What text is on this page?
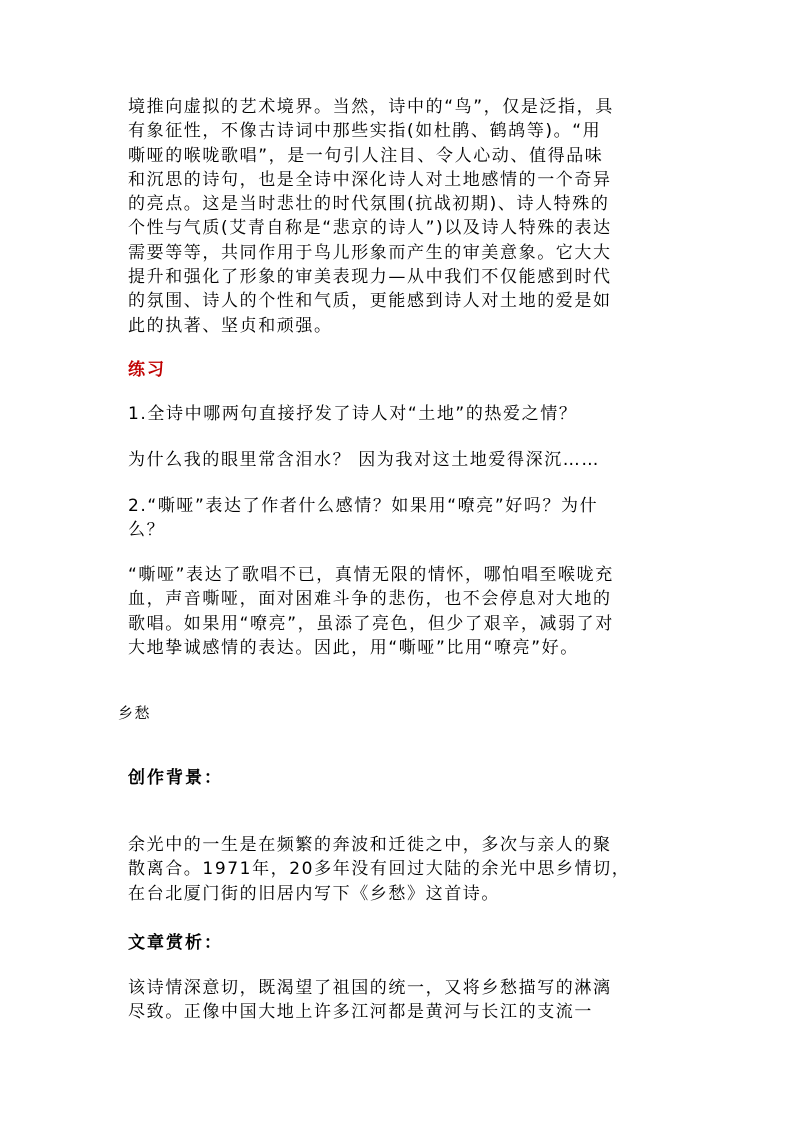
境推向虚拟的艺术境界。当然，诗中的“鸟”，仅是泛指，具
有象征性，不像古诗词中那些实指(如杜鹃、鹤鸪等)。“用
嘶哑的喉咙歌唱”，是一句引人注目、令人心动、值得品味
和沉思的诗句，也是全诗中深化诗人对土地感情的一个奇异
的亮点。这是当时悲壮的时代氛围(抗战初期)、诗人特殊的
个性与气质(艾青自称是“悲京的诗人”)以及诗人特殊的表达
需要等等，共同作用于鸟儿形象而产生的审美意象。它大大
提升和强化了形象的审美表现力—从中我们不仅能感到时代
的氛围、诗人的个性和气质，更能感到诗人对土地的爱是如
此的执著、坚贞和顽强。
练习
1.全诗中哪两句直接抒发了诗人对“土地”的热爱之情？
为什么我的眼里常含泪水？ 因为我对这土地爱得深沉……
2.“嘶哑”表达了作者什么感情？如果用“嘹亮”好吗？为什
么？
“嘶哑”表达了歌唱不已，真情无限的情怀，哪怕唱至喉咙充
血，声音嘶哑，面对困难斗争的悲伤，也不会停息对大地的
歌唱。如果用“嘹亮”，虽添了亮色，但少了艰辛，减弱了对
大地挚诚感情的表达。因此，用“嘶哑”比用“嘹亮”好。

乡愁

创作背景：
余光中的一生是在频繁的奔波和迁徙之中，多次与亲人的聚
散离合。1971年，20多年没有回过大陆的余光中思乡情切，
在台北厦门街的旧居内写下《乡愁》这首诗。
文章赏析：
该诗情深意切，既渴望了祖国的统一，又将乡愁描写的淋漓
尽致。正像中国大地上许多江河都是黄河与长江的支流一
